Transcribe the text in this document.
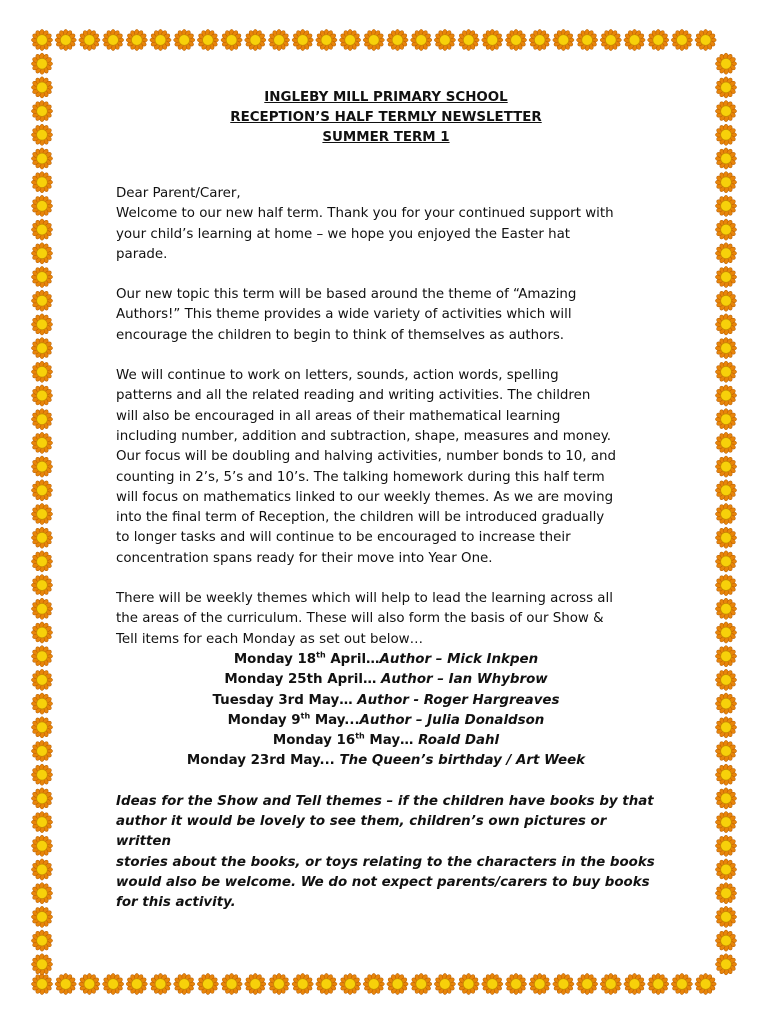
INGLEBY MILL PRIMARY SCHOOL
RECEPTION’S HALF TERMLY NEWSLETTER
SUMMER TERM 1
Dear Parent/Carer,
Welcome to our new half term. Thank you for your continued support with
your child’s learning at home – we hope you enjoyed the Easter hat
parade.
Our new topic this term will be based around the theme of “Amazing
Authors!” This theme provides a wide variety of activities which will
encourage the children to begin to think of themselves as authors.
We will continue to work on letters, sounds, action words, spelling
patterns and all the related reading and writing activities. The children
will also be encouraged in all areas of their mathematical learning
including number, addition and subtraction, shape, measures and money.
Our focus will be doubling and halving activities, number bonds to 10, and
counting in 2’s, 5’s and 10’s. The talking homework during this half term
will focus on mathematics linked to our weekly themes. As we are moving
into the final term of Reception, the children will be introduced gradually
to longer tasks and will continue to be encouraged to increase their
concentration spans ready for their move into Year One.
There will be weekly themes which will help to lead the learning across all
the areas of the curriculum. These will also form the basis of our Show &
Tell items for each Monday as set out below…
Monday 18th April…Author – Mick Inkpen
Monday 25th April… Author – Ian Whybrow
Tuesday 3rd May… Author - Roger Hargreaves
Monday 9th May...Author – Julia Donaldson
Monday 16th May… Roald Dahl
Monday 23rd May... The Queen’s birthday / Art Week
Ideas for the Show and Tell themes – if the children have books by that
author it would be lovely to see them, children’s own pictures or written
stories about the books, or toys relating to the characters in the books
would also be welcome. We do not expect parents/carers to buy books
for this activity.
